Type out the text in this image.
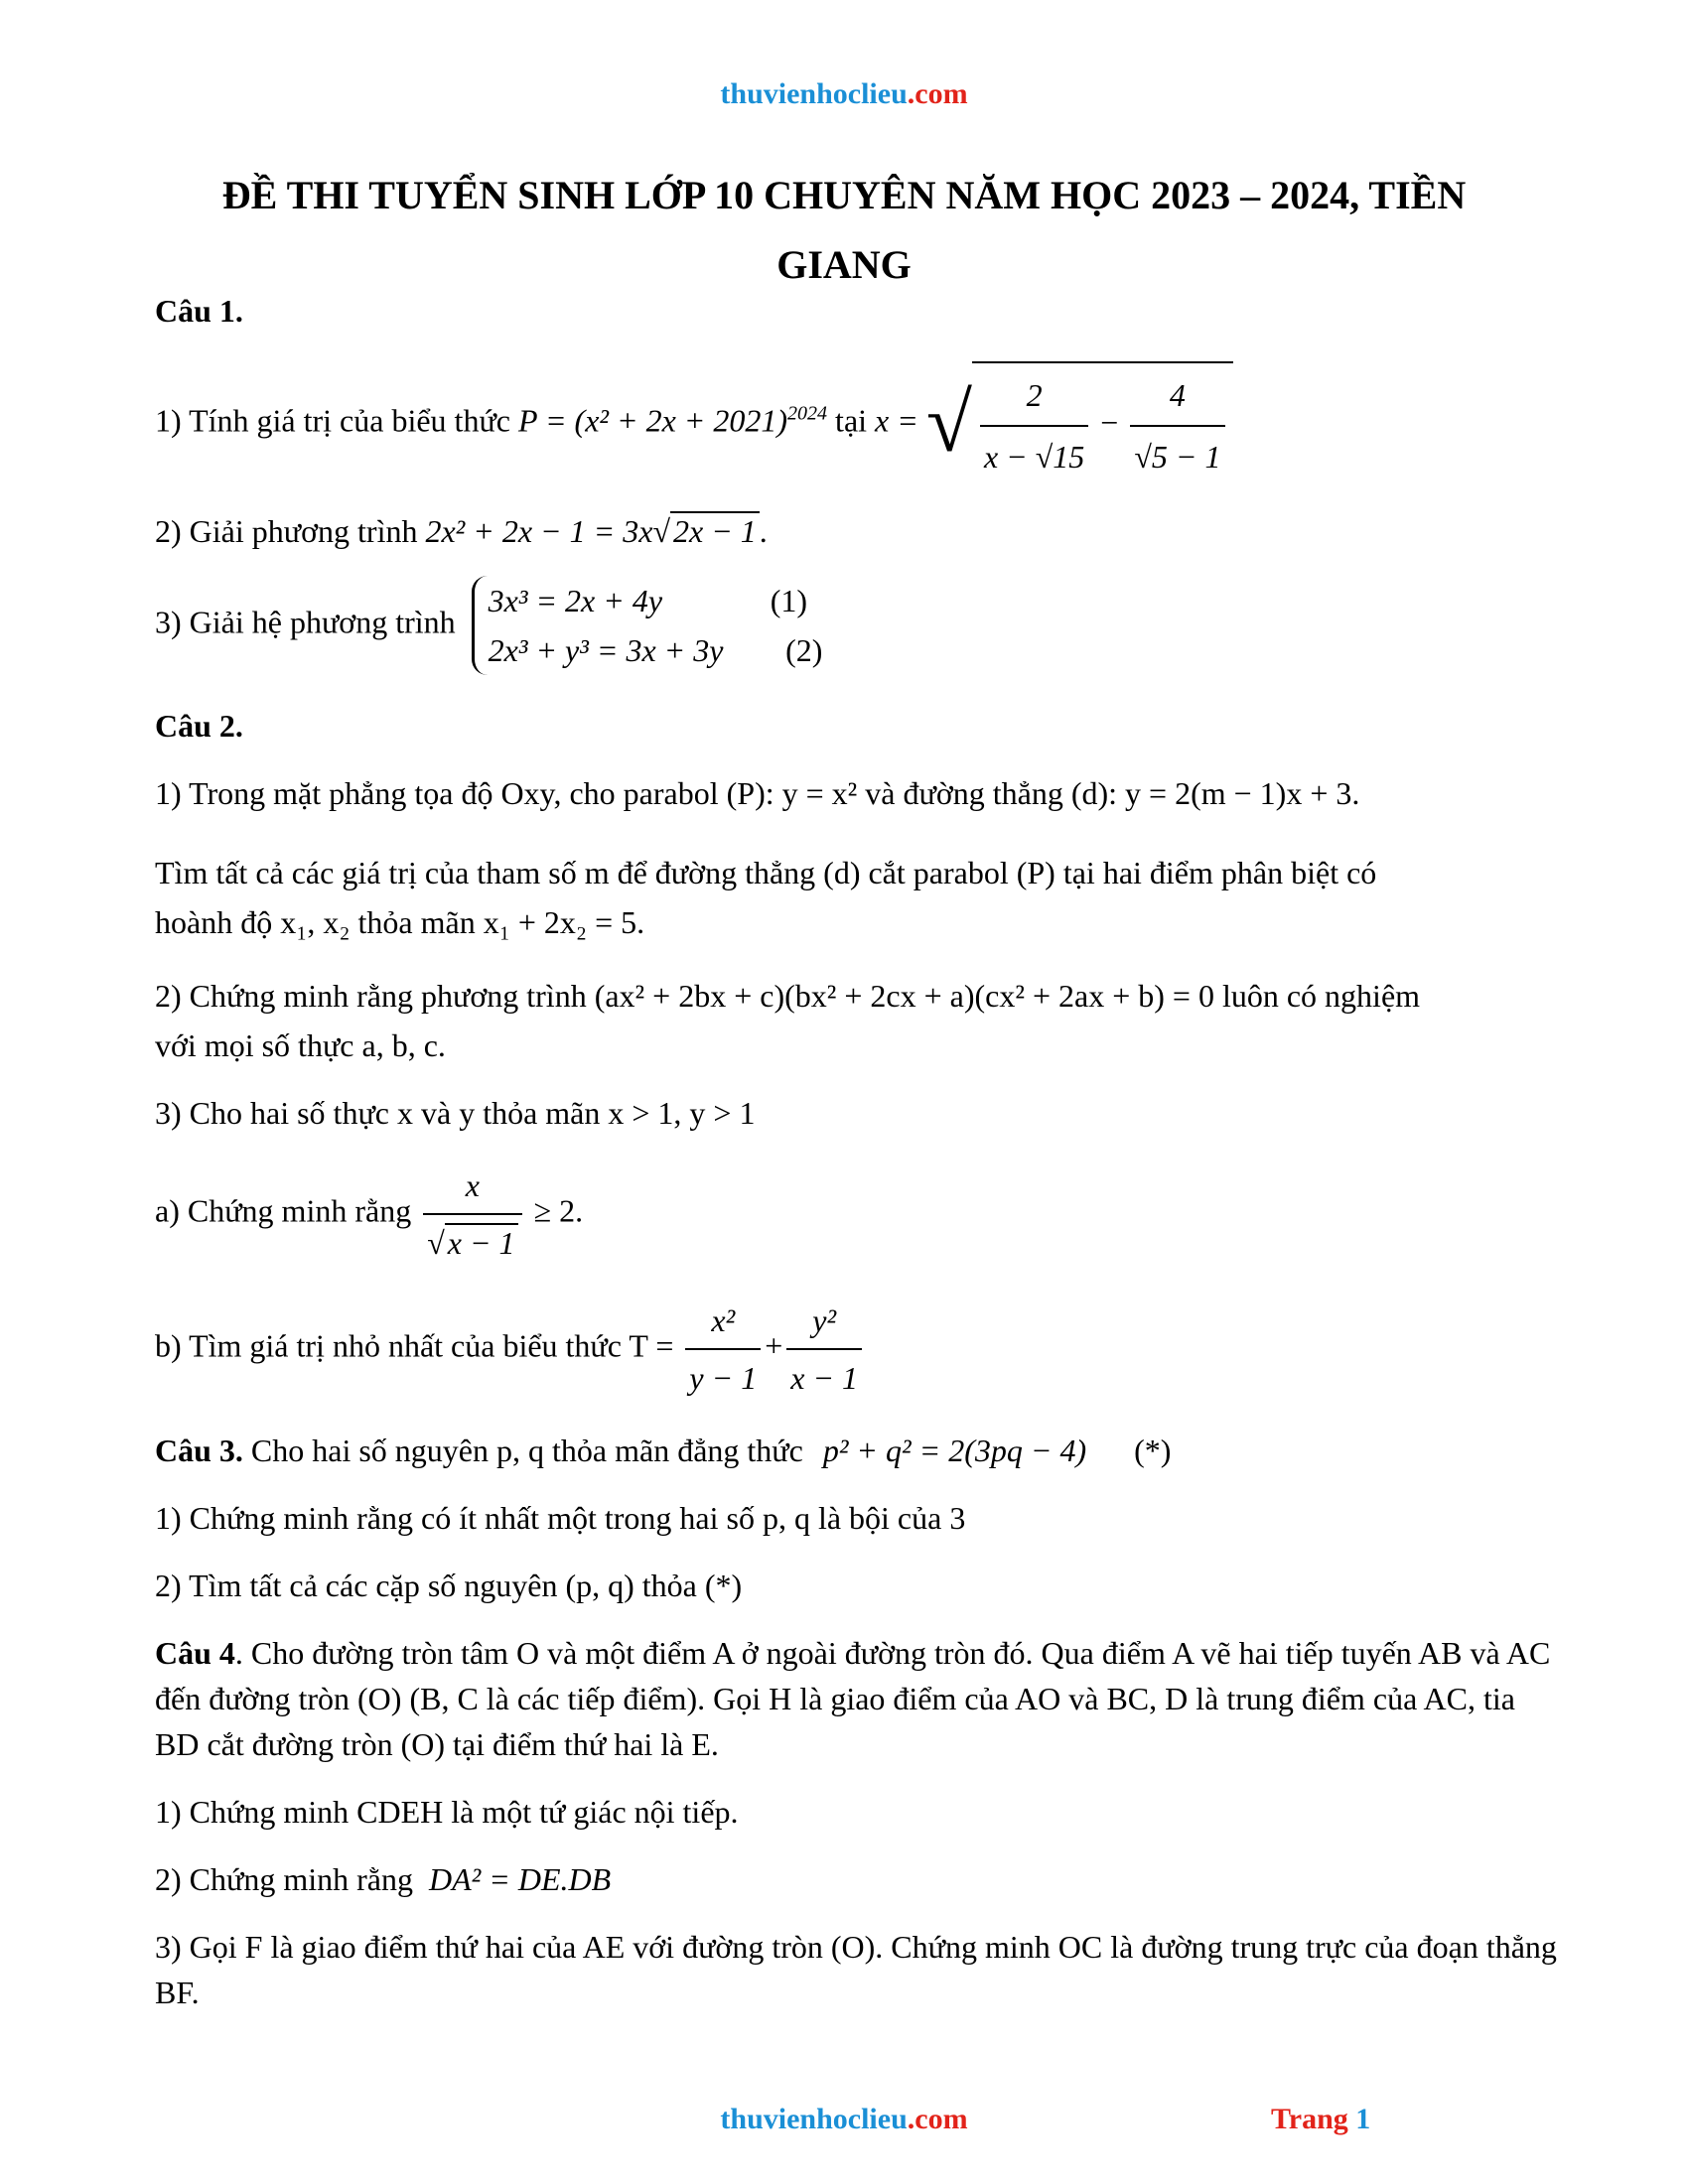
thuvienhoclieu.com
ĐỀ THI TUYỂN SINH LỚP 10 CHUYÊN NĂM HỌC 2023 – 2024, TIỀN GIANG

Câu 1.

1) Tính giá trị của biểu thức $P = (x^2 + 2x + 2021)^{2024}$ tại x = √ $\frac{2}{x - √15} - \frac{4}{√5 - 1}$

2) Giải phương trình 2x² + 2x − 1 = 3x√2x − 1.

3) Giải hệ phương trình
3x³ = 2x + 4y	(1)
2x³ + y³ = 3x + 3y (2)

Câu 2.

1) Trong mặt phẳng tọa độ Oxy, cho parabol (P): y = x² và đường thẳng (d): y = 2(m − 1)x + 3.

Tìm tất cả các giá trị của tham số m để đường thẳng (d) cắt parabol (P) tại hai điểm phân biệt có

hoành độ x₁, x₂ thỏa mãn x₁ + 2x₂ = 5.

2) Chứng minh rằng phương trình (ax² + 2bx + c)(bx² + 2cx + a)(cx² + 2ax + b) = 0 luôn có nghiệm

với mọi số thực a, b, c.

3) Cho hai số thực x và y thỏa mãn x > 1, y > 1

a) Chứng minh rằng $\frac{x}{√x - 1} \ge 2$.

b) Tìm giá trị nhỏ nhất của biểu thức $T = \frac{\text{x²}}{y - 1} + \frac{\text{y²}}{x - 1}$

Câu 3. Cho hai số nguyên p, q thỏa mãn đẳng thức p² + q² = 2(3pq − 4) (*)

1) Chứng minh rằng có ít nhất một trong hai số p, q là bội của 3

2) Tìm tất cả các cặp số nguyên (p, q) thỏa (*)

Câu 4. Cho đường tròn tâm O và một điểm A ở ngoài đường tròn đó. Qua điểm A vẽ hai tiếp tuyến AB và AC đến đường tròn (O) (B, C là các tiếp điểm). Gọi H là giao điểm của AO và BC, D là trung điểm của AC, tia BD cắt đường tròn (O) tại điểm thứ hai là E.

1) Chứng minh CDEH là một tứ giác nội tiếp.

2) Chứng minh rằng DA² = DE.DB

3) Gọi F là giao điểm thứ hai của AE với đường tròn (O). Chứng minh OC là đường trung trực của đoạn thẳng BF.

thuvienhoclieu.com	Trang 1
